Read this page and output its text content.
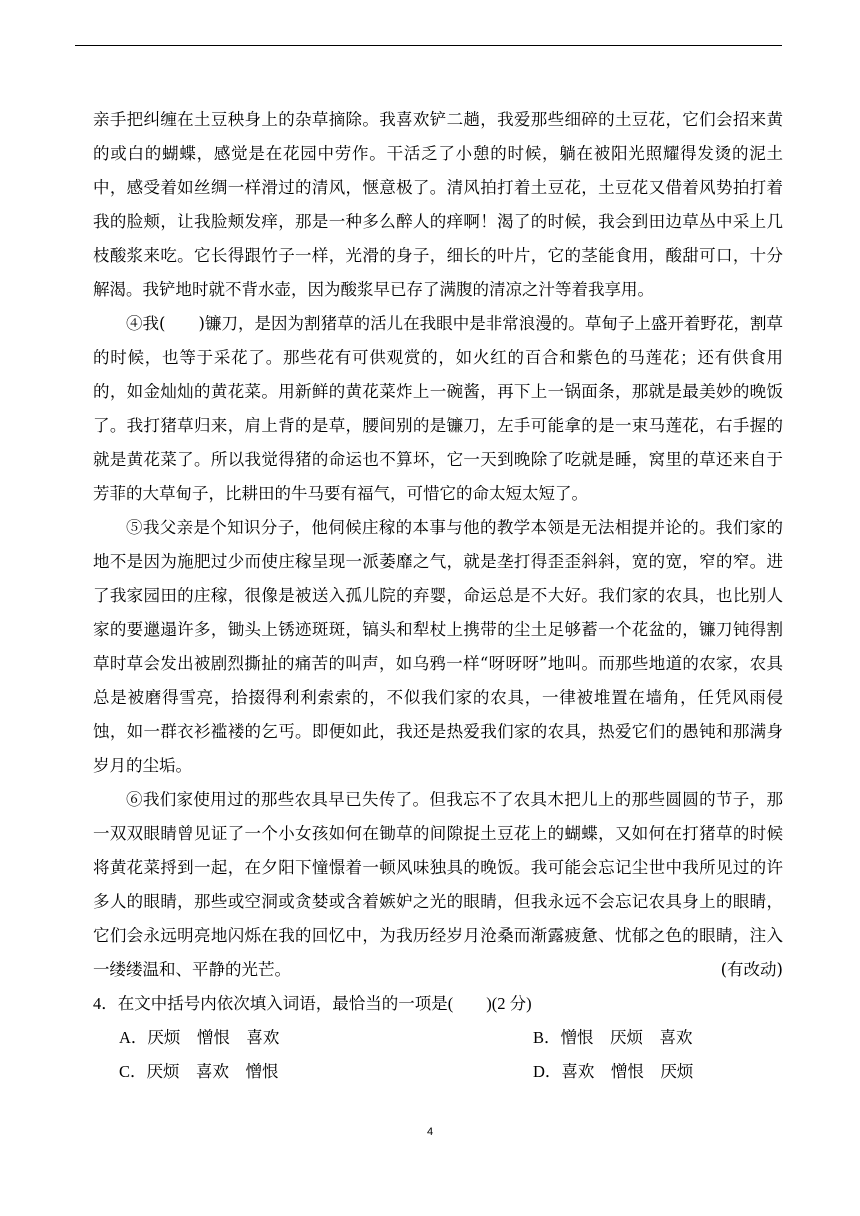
亲手把纠缠在土豆秧身上的杂草摘除。我喜欢铲二趟，我爱那些细碎的土豆花，它们会招来黄的或白的蝴蝶，感觉是在花园中劳作。干活乏了小憩的时候，躺在被阳光照耀得发烫的泥土中，感受着如丝绸一样滑过的清风，惬意极了。清风拍打着土豆花，土豆花又借着风势拍打着我的脸颊，让我脸颊发痒，那是一种多么醉人的痒啊！渴了的时候，我会到田边草丛中采上几枝酸浆来吃。它长得跟竹子一样，光滑的身子，细长的叶片，它的茎能食用，酸甜可口，十分解渴。我铲地时就不背水壶，因为酸浆早已存了满腹的清凉之汁等着我享用。

④我(　　)镰刀，是因为割猪草的活儿在我眼中是非常浪漫的。草甸子上盛开着野花，割草的时候，也等于采花了。那些花有可供观赏的，如火红的百合和紫色的马莲花；还有供食用的，如金灿灿的黄花菜。用新鲜的黄花菜炸上一碗酱，再下上一锅面条，那就是最美妙的晚饭了。我打猪草归来，肩上背的是草，腰间别的是镰刀，左手可能拿的是一束马莲花，右手握的就是黄花菜了。所以我觉得猪的命运也不算坏，它一天到晚除了吃就是睡，窝里的草还来自于芳菲的大草甸子，比耕田的牛马要有福气，可惜它的命太短太短了。

⑤我父亲是个知识分子，他伺候庄稼的本事与他的教学本领是无法相提并论的。我们家的地不是因为施肥过少而使庄稼呈现一派萎靡之气，就是垄打得歪歪斜斜，宽的宽，窄的窄。进了我家园田的庄稼，很像是被送入孤儿院的弃婴，命运总是不大好。我们家的农具，也比别人家的要邋遢许多，锄头上锈迹斑斑，镐头和犁杖上携带的尘土足够蓄一个花盆的，镰刀钝得割草时草会发出被剧烈撕扯的痛苦的叫声，如乌鸦一样“呀呀呀”地叫。而那些地道的农家，农具总是被磨得雪亮，拾掇得利利索索的，不似我们家的农具，一律被堆置在墙角，任凭风雨侵蚀，如一群衣衫褴褛的乞丐。即便如此，我还是热爱我们家的农具，热爱它们的愚钝和那满身岁月的尘垢。

⑥我们家使用过的那些农具早已失传了。但我忘不了农具木把儿上的那些圆圆的节子，那一双双眼睛曾见证了一个小女孩如何在锄草的间隙捉土豆花上的蝴蝶，又如何在打猪草的时候将黄花菜捋到一起，在夕阳下憧憬着一顿风味独具的晚饭。我可能会忘记尘世中我所见过的许多人的眼睛，那些或空洞或贪婪或含着嫉妒之光的眼睛，但我永远不会忘记农具身上的眼睛，它们会永远明亮地闪烁在我的回忆中，为我历经岁月沧桑而渐露疲惫、忧郁之色的眼睛，注入一缕缕温和、平静的光芒。	(有改动)
4．在文中括号内依次填入词语，最恰当的一项是(　　)(2 分)
A．厌烦　憎恨　喜欢	B．憎恨　厌烦　喜欢
C．厌烦　喜欢　憎恨	D．喜欢　憎恨　厌烦
4
